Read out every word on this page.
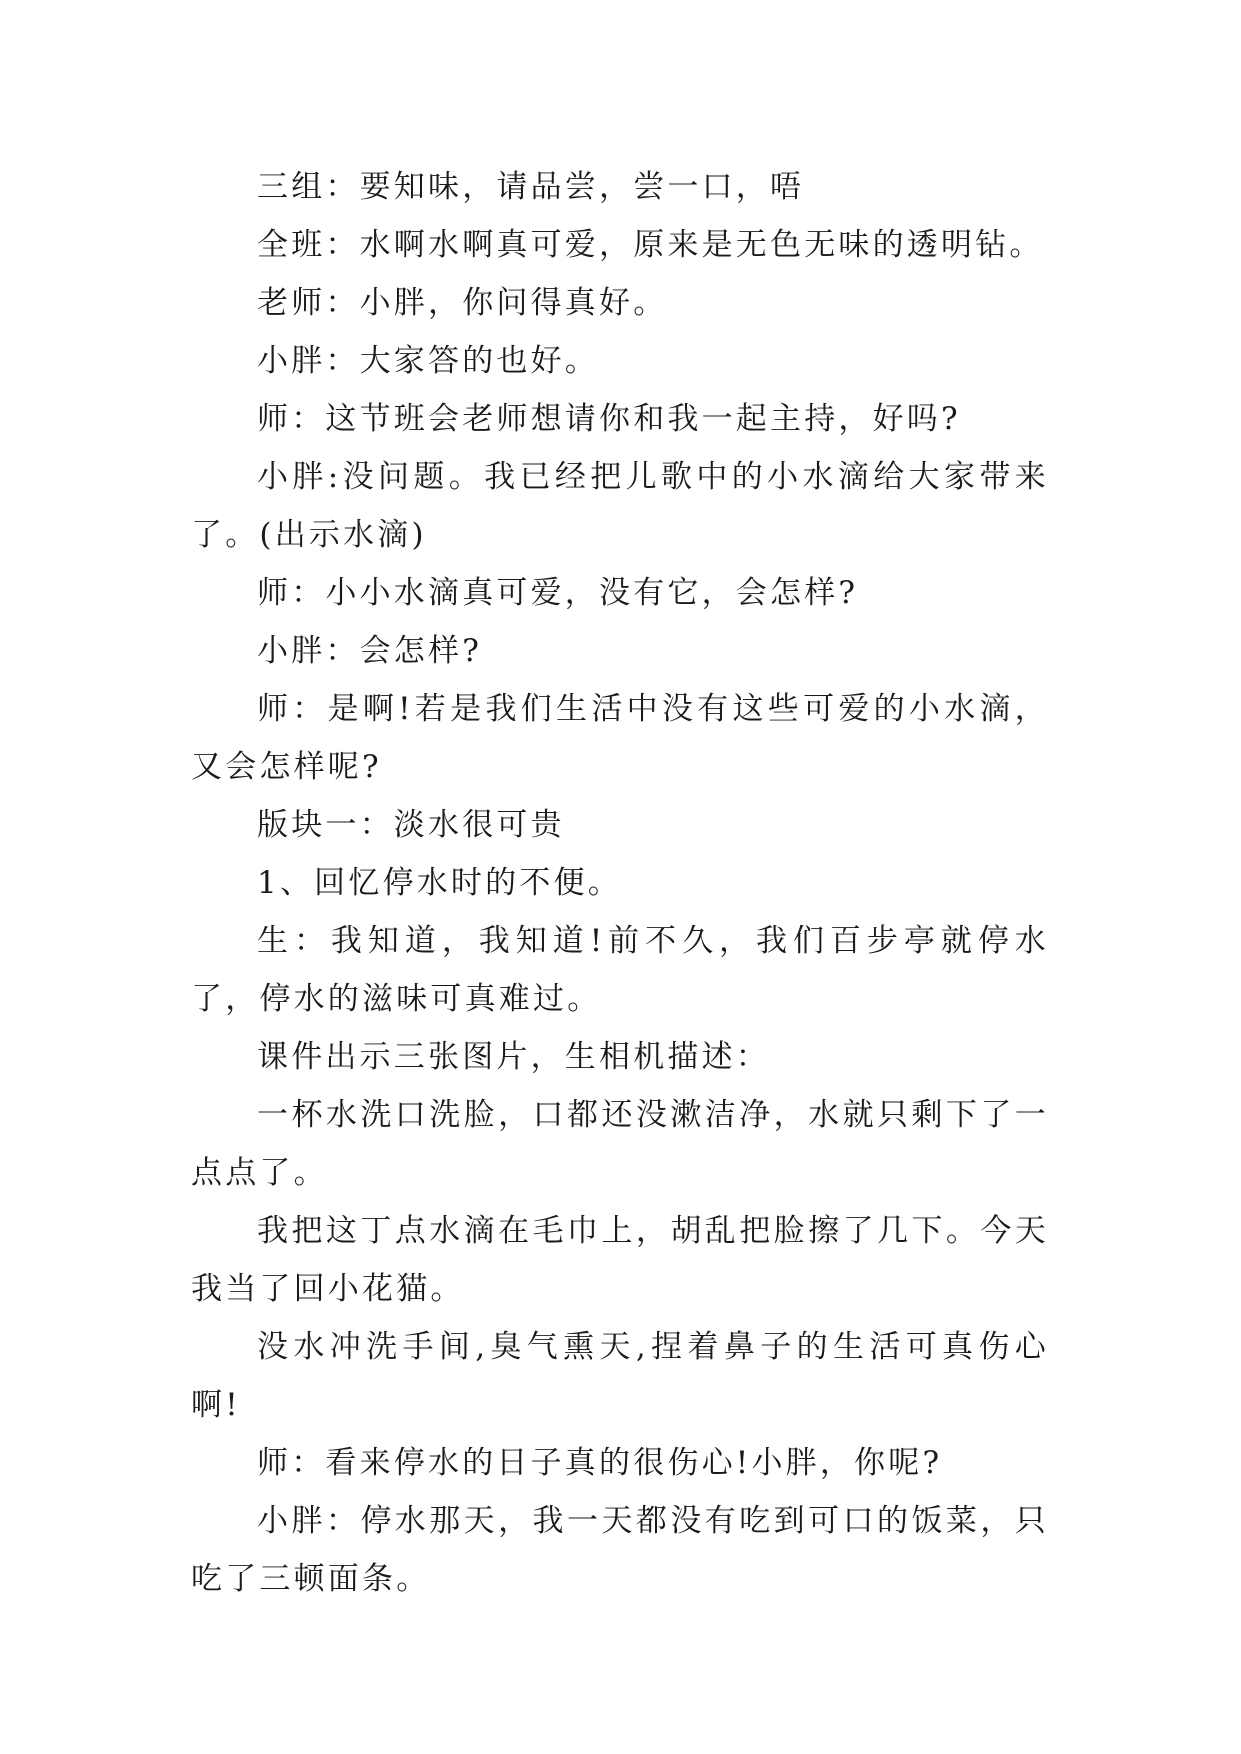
三组：要知味，请品尝，尝一口，唔

全班：水啊水啊真可爱，原来是无色无味的透明钻。

老师：小胖，你问得真好。

小胖：大家答的也好。

师：这节班会老师想请你和我一起主持，好吗?

小胖:没问题。我已经把儿歌中的小水滴给大家带来了。(出示水滴)

师：小小水滴真可爱，没有它，会怎样?

小胖：会怎样?

师：是啊!若是我们生活中没有这些可爱的小水滴，又会怎样呢?

版块一：淡水很可贵

1、回忆停水时的不便。

生：我知道，我知道!前不久，我们百步亭就停水了，停水的滋味可真难过。

课件出示三张图片，生相机描述：

一杯水洗口洗脸，口都还没漱洁净，水就只剩下了一点点了。

我把这丁点水滴在毛巾上，胡乱把脸擦了几下。今天我当了回小花猫。

没水冲洗手间,臭气熏天,捏着鼻子的生活可真伤心啊!

师：看来停水的日子真的很伤心!小胖，你呢?

小胖：停水那天，我一天都没有吃到可口的饭菜，只吃了三顿面条。
